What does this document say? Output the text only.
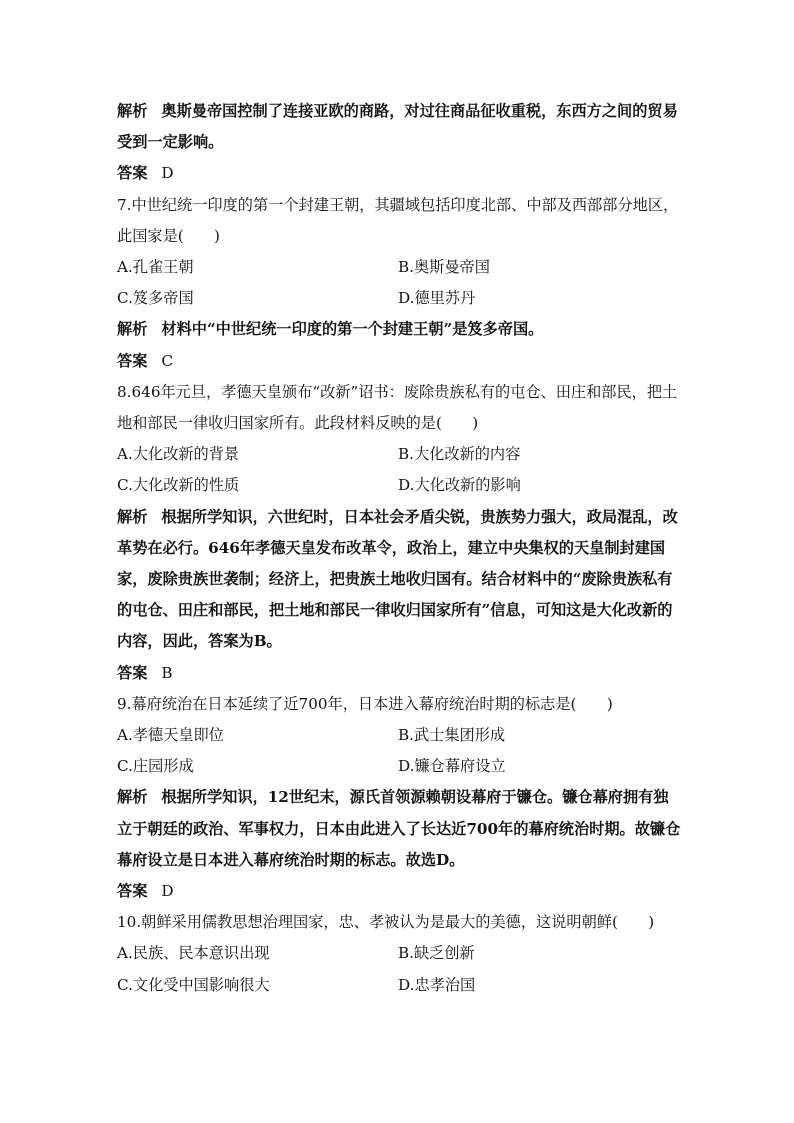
解析 奥斯曼帝国控制了连接亚欧的商路，对过往商品征收重税，东西方之间的贸易受到一定影响。

答案 D

7.中世纪统一印度的第一个封建王朝，其疆域包括印度北部、中部及西部部分地区，此国家是(　　)

A.孔雀王朝	B.奥斯曼帝国
C.笈多帝国	D.德里苏丹

解析 材料中“中世纪统一印度的第一个封建王朝”是笈多帝国。

答案 C

8.646年元旦，孝德天皇颁布“改新”诏书：废除贵族私有的屯仓、田庄和部民，把土地和部民一律收归国家所有。此段材料反映的是(　　)

A.大化改新的背景	B.大化改新的内容
C.大化改新的性质	D.大化改新的影响

解析 根据所学知识，六世纪时，日本社会矛盾尖锐，贵族势力强大，政局混乱，改革势在必行。646年孝德天皇发布改革令，政治上，建立中央集权的天皇制封建国家，废除贵族世袭制；经济上，把贵族土地收归国有。结合材料中的“废除贵族私有的屯仓、田庄和部民，把土地和部民一律收归国家所有”信息，可知这是大化改新的内容，因此，答案为B。

答案 B

9.幕府统治在日本延续了近700年，日本进入幕府统治时期的标志是(　　)

A.孝德天皇即位	B.武士集团形成
C.庄园形成	D.镰仓幕府设立

解析 根据所学知识，12世纪末，源氏首领源赖朝设幕府于镰仓。镰仓幕府拥有独立于朝廷的政治、军事权力，日本由此进入了长达近700年的幕府统治时期。故镰仓幕府设立是日本进入幕府统治时期的标志。故选D。

答案 D

10.朝鲜采用儒教思想治理国家，忠、孝被认为是最大的美德，这说明朝鲜(　　)

A.民族、民本意识出现	B.缺乏创新
C.文化受中国影响很大	D.忠孝治国
